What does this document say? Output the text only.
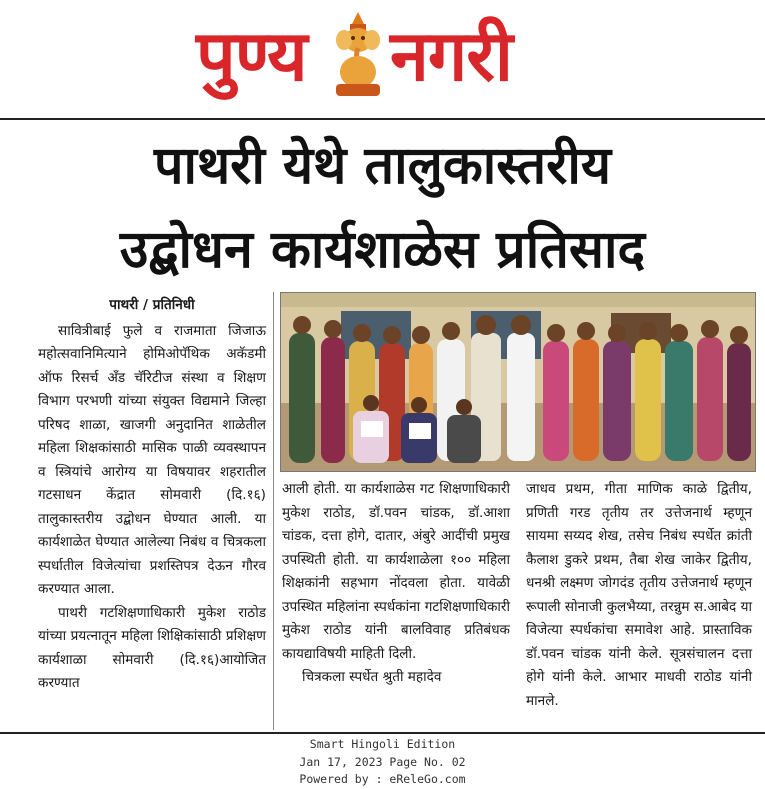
पुण्य नगरी
पाथरी येथे तालुकास्तरीय
उद्बोधन कार्यशाळेस प्रतिसाद
पाथरी / प्रतिनिधी

सावित्रीबाई फुले व राजमाता जिजाऊ महोत्सवानिमित्याने होमिओपॅथिक अकॅडमी ऑफ रिसर्च अँड चॅरिटीज संस्था व शिक्षण विभाग परभणी यांच्या संयुक्त विद्यमाने जिल्हा परिषद शाळा, खाजगी अनुदानित शाळेतील महिला शिक्षकांसाठी मासिक पाळी व्यवस्थापन व स्त्रियांचे आरोग्य या विषयावर शहरातील गटसाधन केंद्रात सोमवारी (दि.१६) तालुकास्तरीय उद्बोधन घेण्यात आली. या कार्यशाळेत घेण्यात आलेल्या निबंध व चित्रकला स्पर्धातील विजेत्यांचा प्रशस्तिपत्र देऊन गौरव करण्यात आला.

पाथरी गटशिक्षणाधिकारी मुकेश राठोड यांच्या प्रयत्नातून महिला शिक्षिकांसाठी प्रशिक्षण कार्यशाळा सोमवारी (दि.१६)आयोजित करण्यात

आली होती. या कार्यशाळेस गट शिक्षणाधिकारी मुकेश राठोड, डॉ.पवन चांडक, डॉ.आशा चांडक, दत्ता होगे, दातार, अंबुरे आदींची प्रमुख उपस्थिती होती. या कार्यशाळेला १०० महिला शिक्षकांनी सहभाग नोंदवला होता. यावेळी उपस्थित महिलांना स्पर्धकांना गटशिक्षणाधिकारी मुकेश राठोड यांनी बालविवाह प्रतिबंधक कायद्याविषयी माहिती दिली.

चित्रकला स्पर्धेत श्रुती महादेव

जाधव प्रथम, गीता माणिक काळे द्वितीय, प्रणिती गरड तृतीय तर उत्तेजनार्थ म्हणून सायमा सय्यद शेख, तसेच निबंध स्पर्धेत क्रांती कैलाश डुकरे प्रथम, तैबा शेख जाकेर द्वितीय, धनश्री लक्ष्मण जोगदंड तृतीय उत्तेजनार्थ म्हणून रूपाली सोनाजी कुलभैय्या, तरन्नुम स.आबेद या विजेत्या स्पर्धकांचा समावेश आहे. प्रास्ताविक डॉ.पवन चांडक यांनी केले. सूत्रसंचालन दत्ता होगे यांनी केले. आभार माधवी राठोड यांनी मानले.

Smart Hingoli Edition
Jan 17, 2023 Page No. 02
Powered by : eReleGo.com
